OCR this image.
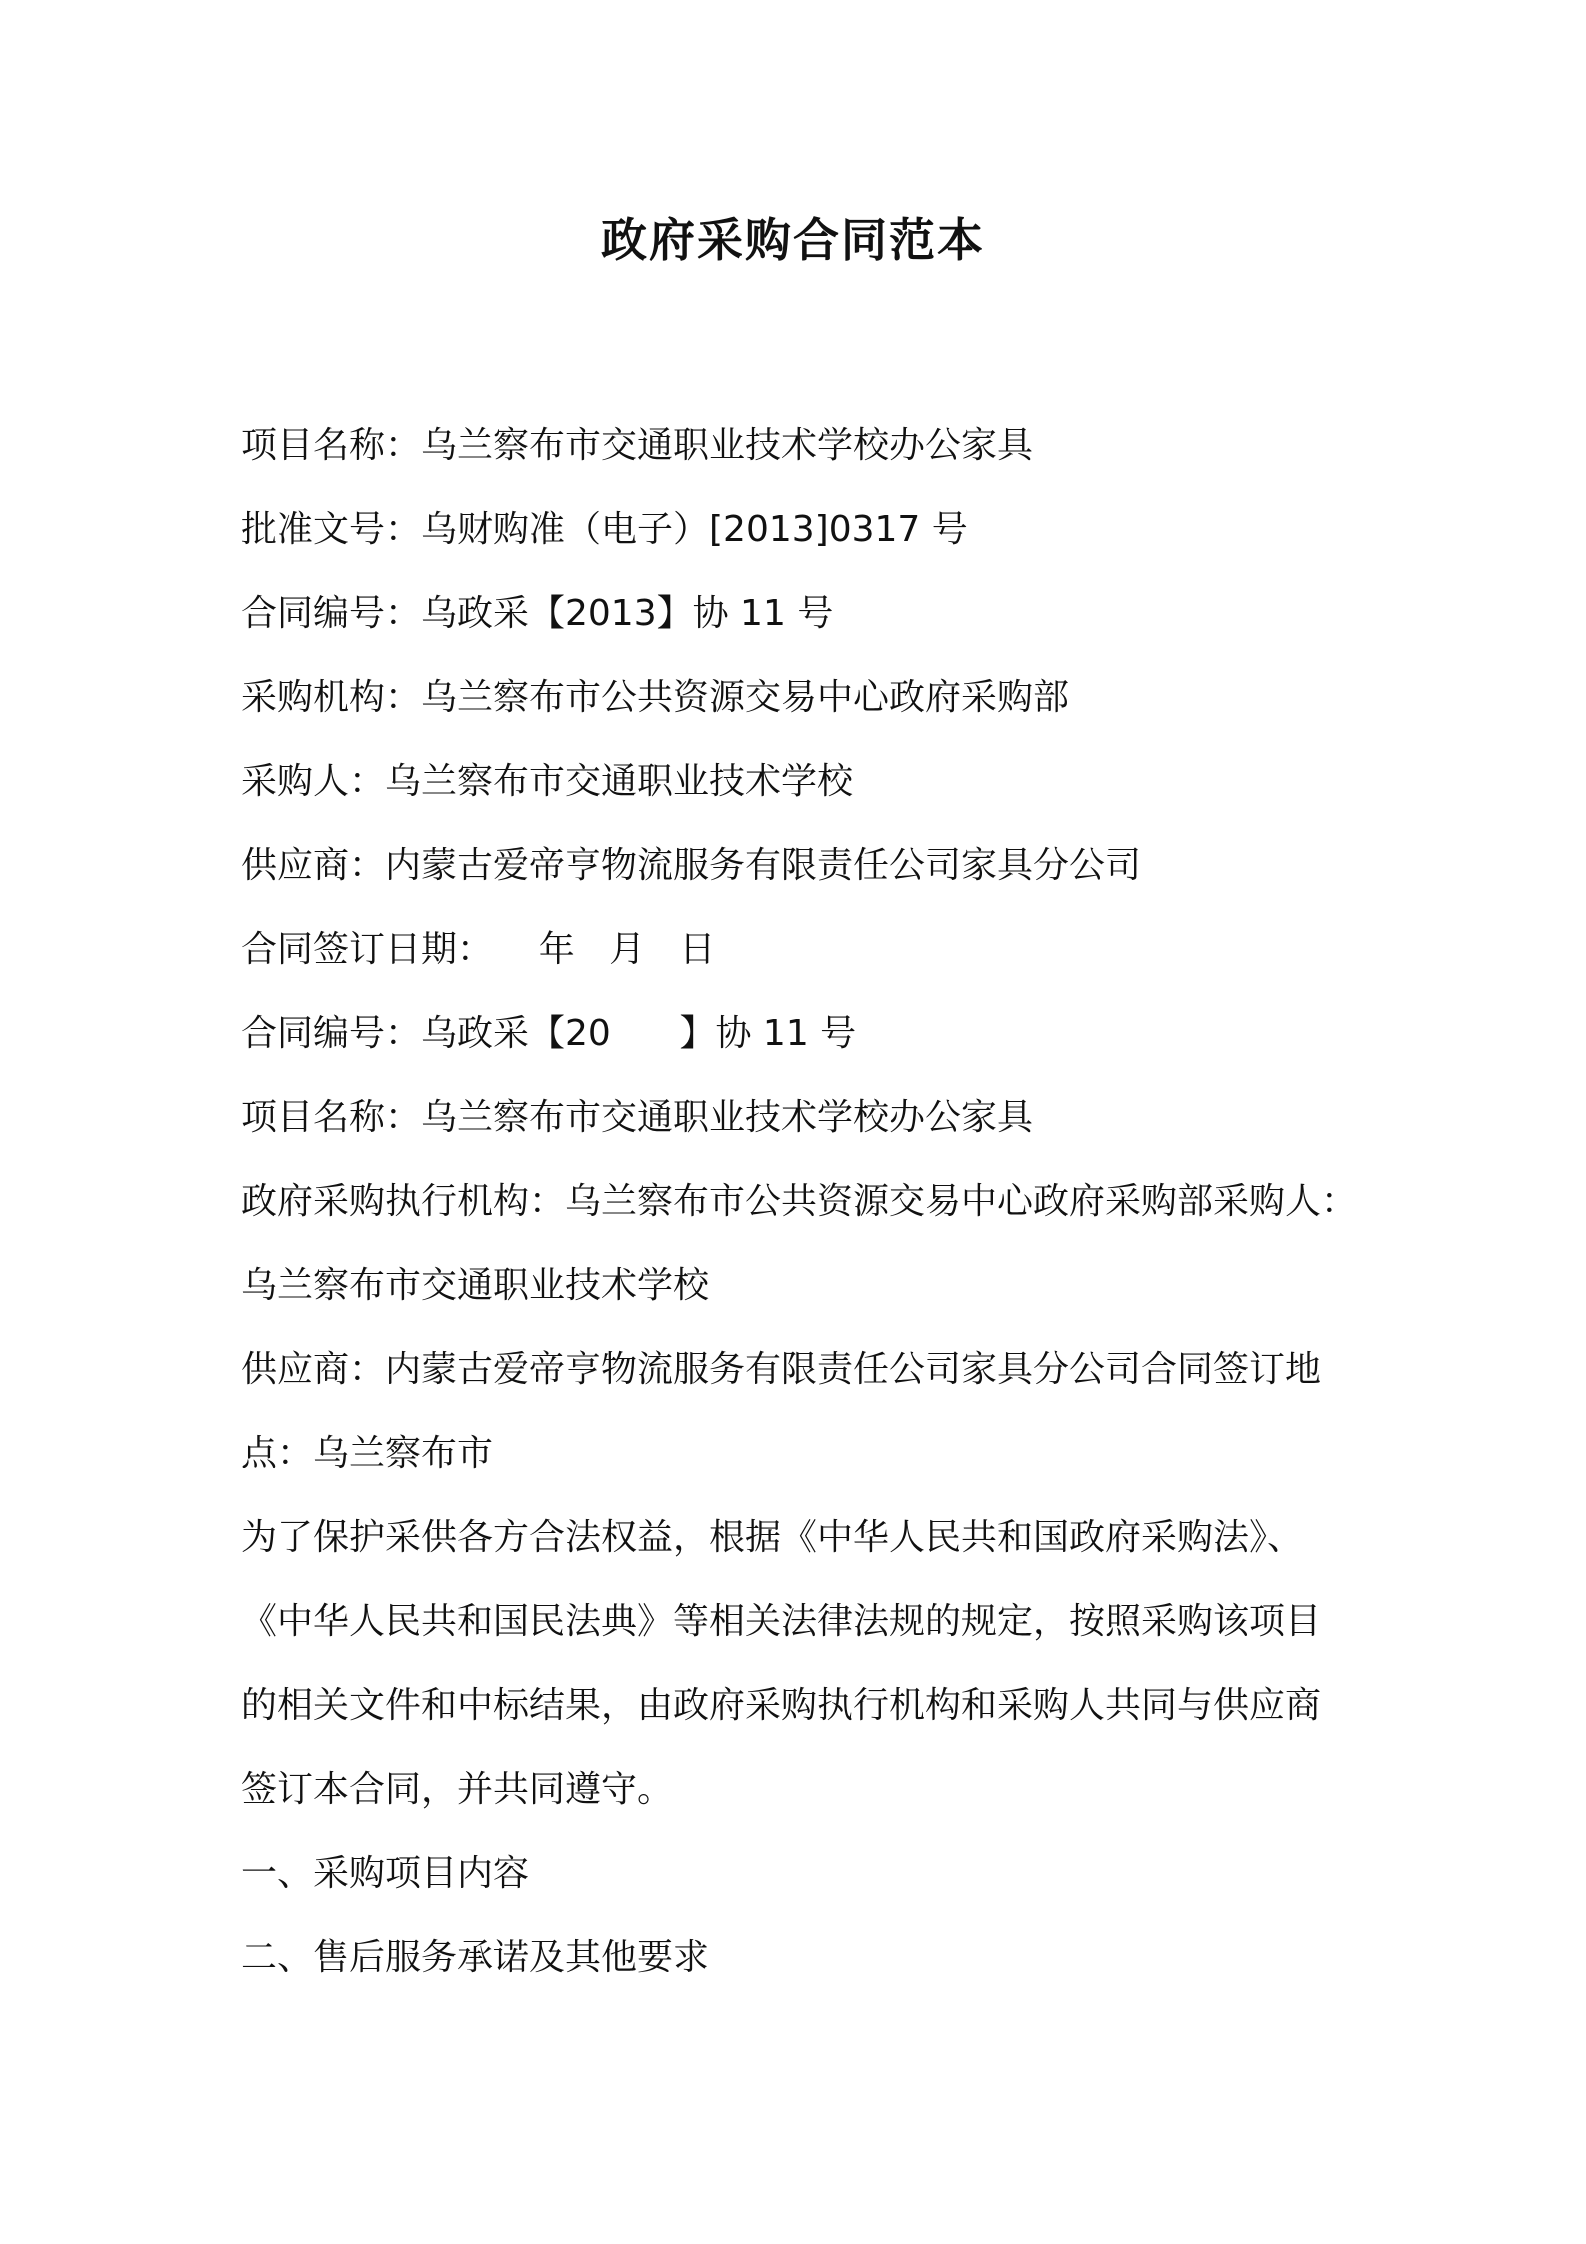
政府采购合同范本
项目名称：乌兰察布市交通职业技术学校办公家具
批准文号：乌财购准（电子）[2013]0317 号
合同编号：乌政采【2013】协 11 号
采购机构：乌兰察布市公共资源交易中心政府采购部
采购人：乌兰察布市交通职业技术学校
供应商：内蒙古爱帝亨物流服务有限责任公司家具分公司
合同签订日期：    年   月   日
合同编号：乌政采【20      】协 11 号
项目名称：乌兰察布市交通职业技术学校办公家具
政府采购执行机构：乌兰察布市公共资源交易中心政府采购部采购人：
乌兰察布市交通职业技术学校
供应商：内蒙古爱帝亨物流服务有限责任公司家具分公司合同签订地
点：乌兰察布市
为了保护采供各方合法权益，根据《中华人民共和国政府采购法》、
《中华人民共和国民法典》等相关法律法规的规定，按照采购该项目
的相关文件和中标结果，由政府采购执行机构和采购人共同与供应商
签订本合同，并共同遵守。
一、采购项目内容
二、售后服务承诺及其他要求
